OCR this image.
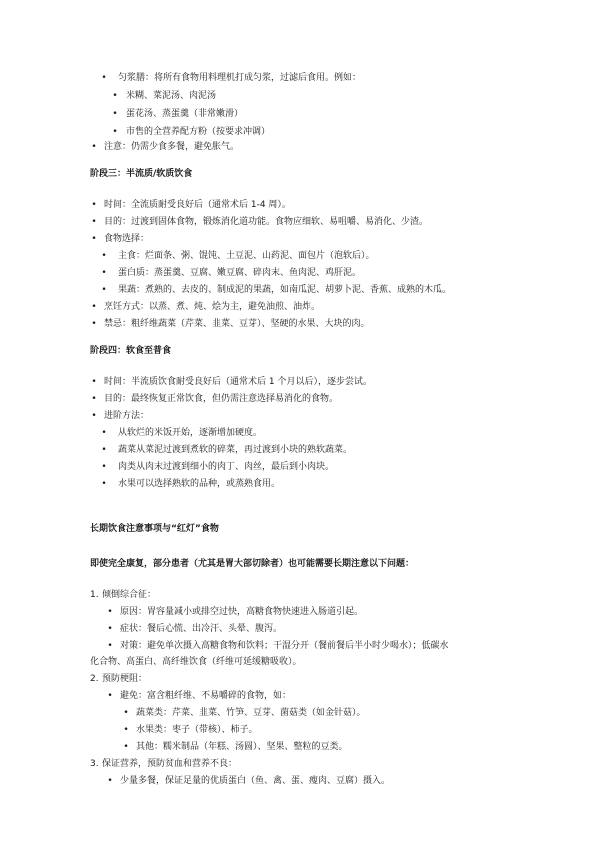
• 匀浆膳：将所有食物用料理机打成匀浆，过滤后食用。例如：
• 米糊、菜泥汤、肉泥汤
• 蛋花汤、蒸蛋羹（非常嫩滑）
• 市售的全营养配方粉（按要求冲调）
• 注意：仍需少食多餐，避免胀气。
阶段三：半流质/软质饮食
• 时间：全流质耐受良好后（通常术后 1-4 周）。
• 目的：过渡到固体食物，锻炼消化道功能。食物应细软、易咀嚼、易消化、少渣。
• 食物选择：
• 主食：烂面条、粥、馄饨、土豆泥、山药泥、面包片（泡软后）。
• 蛋白质：蒸蛋羹、豆腐、嫩豆腐、碎肉末、鱼肉泥、鸡肝泥。
• 果蔬：煮熟的、去皮的、制成泥的果蔬，如南瓜泥、胡萝卜泥、香蕉、成熟的木瓜。
• 烹饪方式：以蒸、煮、炖、烩为主，避免油煎、油炸。
• 禁忌：粗纤维蔬菜（芹菜、韭菜、豆芽）、坚硬的水果、大块的肉。
阶段四：软食至普食
• 时间：半流质饮食耐受良好后（通常术后 1 个月以后），逐步尝试。
• 目的：最终恢复正常饮食，但仍需注意选择易消化的食物。
• 进阶方法：
• 从软烂的米饭开始，逐渐增加硬度。
• 蔬菜从菜泥过渡到煮软的碎菜，再过渡到小块的熟软蔬菜。
• 肉类从肉末过渡到细小的肉丁、肉丝，最后到小肉块。
• 水果可以选择熟软的品种，或蒸熟食用。
长期饮食注意事项与“红灯”食物
即使完全康复，部分患者（尤其是胃大部切除者）也可能需要长期注意以下问题：
1. 倾倒综合征：
• 原因：胃容量减小或排空过快，高糖食物快速进入肠道引起。
• 症状：餐后心慌、出冷汗、头晕、腹泻。
• 对策：避免单次摄入高糖食物和饮料；干湿分开（餐前餐后半小时少喝水）；低碳水
化合物、高蛋白、高纤维饮食（纤维可延缓糖吸收）。
2. 预防梗阻：
• 避免：富含粗纤维、不易嚼碎的食物，如：
• 蔬菜类：芹菜、韭菜、竹笋、豆芽、菌菇类（如金针菇）。
• 水果类：枣子（带核）、柿子。
• 其他：糯米制品（年糕、汤圆）、坚果、整粒的豆类。
3. 保证营养，预防贫血和营养不良：
• 少量多餐，保证足量的优质蛋白（鱼、禽、蛋、瘦肉、豆腐）摄入。
